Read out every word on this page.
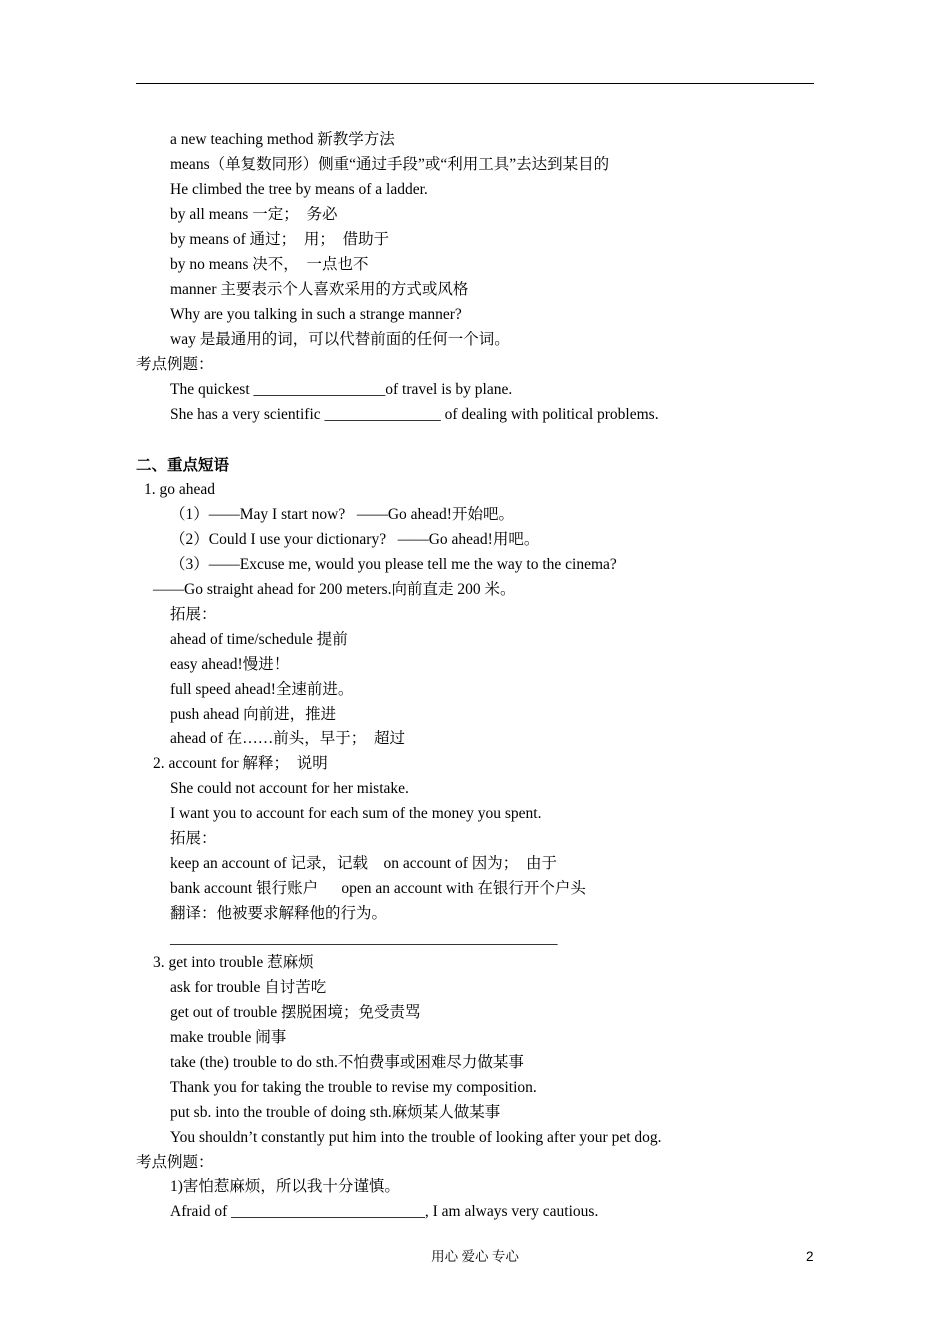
a new teaching method 新教学方法
means（单复数同形）侧重“通过手段”或“利用工具”去达到某目的
He climbed the tree by means of a ladder.
by all means 一定；  务必
by means of 通过；  用；  借助于
by no means 决不，  一点也不
manner 主要表示个人喜欢采用的方式或风格
Why are you talking in such a strange manner?
way 是最通用的词，可以代替前面的任何一个词。
考点例题：
The quickest _________________of travel is by plane.
She has a very scientific _______________ of dealing with political problems.
二、重点短语
1. go ahead
（1）——May I start now?   ——Go ahead!开始吧。
（2）Could I use your dictionary?   ——Go ahead!用吧。
（3）——Excuse me, would you please tell me the way to the cinema?
——Go straight ahead for 200 meters.向前直走 200 米。
拓展：
ahead of time/schedule 提前
easy ahead!慢进！
full speed ahead!全速前进。
push ahead 向前进，推进
ahead of 在……前头，早于；  超过
2. account for 解释；  说明
She could not account for her mistake.
I want you to account for each sum of the money you spent.
拓展：
keep an account of 记录，记载    on account of 因为；  由于
bank account 银行账户      open an account with 在银行开个户头
翻译：他被要求解释他的行为。
__________________________________________________
3. get into trouble 惹麻烦
ask for trouble 自讨苦吃
get out of trouble 摆脱困境；免受责骂
make trouble 闹事
take (the) trouble to do sth.不怕费事或困难尽力做某事
Thank you for taking the trouble to revise my composition.
put sb. into the trouble of doing sth.麻烦某人做某事
You shouldn’t constantly put him into the trouble of looking after your pet dog.
考点例题：
1)害怕惹麻烦，所以我十分谨慎。
Afraid of _________________________, I am always very cautious.
用心 爱心 专心	2
